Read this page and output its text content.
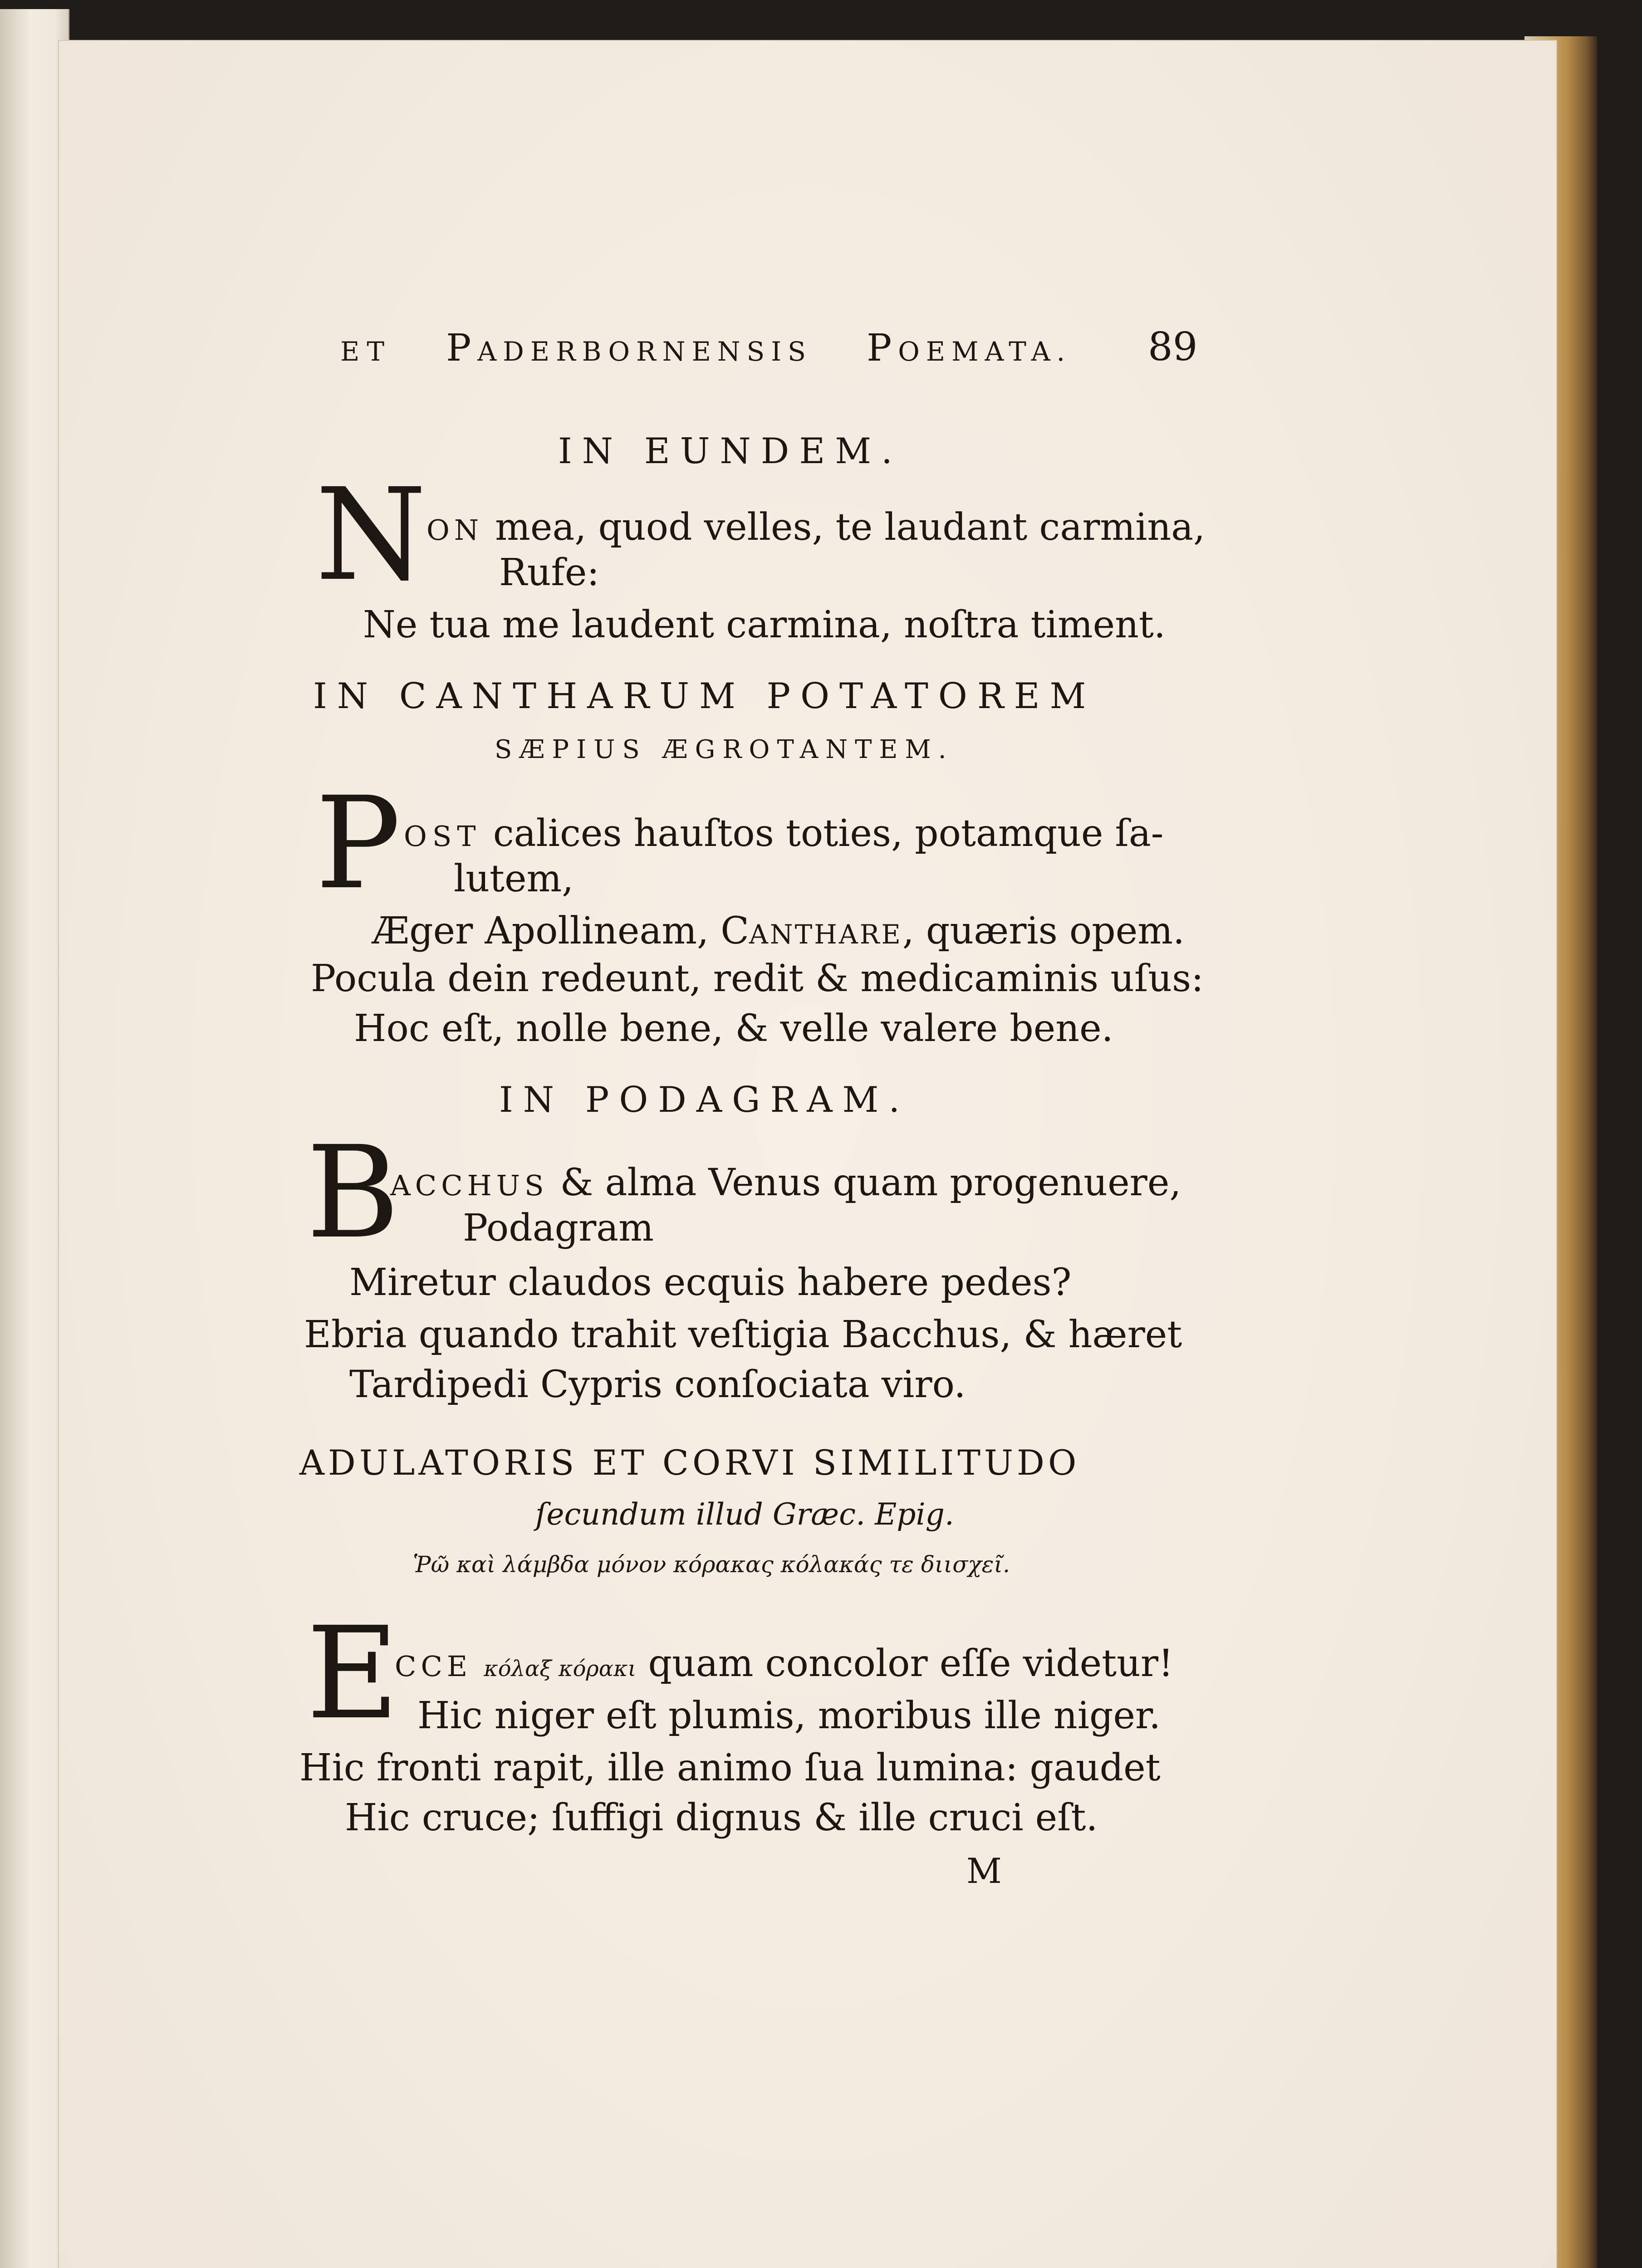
ET PADERBORNENSIS POEMATA. 89
IN EUNDEM.
N ON mea, quod velles, te laudant carmina,
Rufe:
Ne tua me laudent carmina, noſtra timent.
IN CANTHARUM POTATOREM
SÆPIUS ÆGROTANTEM.
P OST calices hauſtos toties, potamque ſa-
lutem,
Æger Apollineam, CANTHARE, quæris opem.
Pocula dein redeunt, redit & medicaminis uſus:
Hoc eſt, nolle bene, & velle valere bene.
IN PODAGRAM.
B
ACCHUS & alma Venus quam progenuere,
Podagram
Miretur claudos ecquis habere pedes?
Ebria quando trahit veſtigia Bacchus, & hæret
Tardipedi Cypris conſociata viro.
ADULATORIS ET CORVI SIMILITUDO
ſecundum illud Græc. Epig.
Ῥῶ καὶ λάμβδα μόνον κόρακας κόλακάς τε διισχεῖ.
E
CCE κόλαξ κόρακι quam concolor eſſe videtur!
Hic niger eſt plumis, moribus ille niger.
Hic fronti rapit, ille animo ſua lumina: gaudet
Hic cruce; ſuffigi dignus & ille cruci eſt.
M
